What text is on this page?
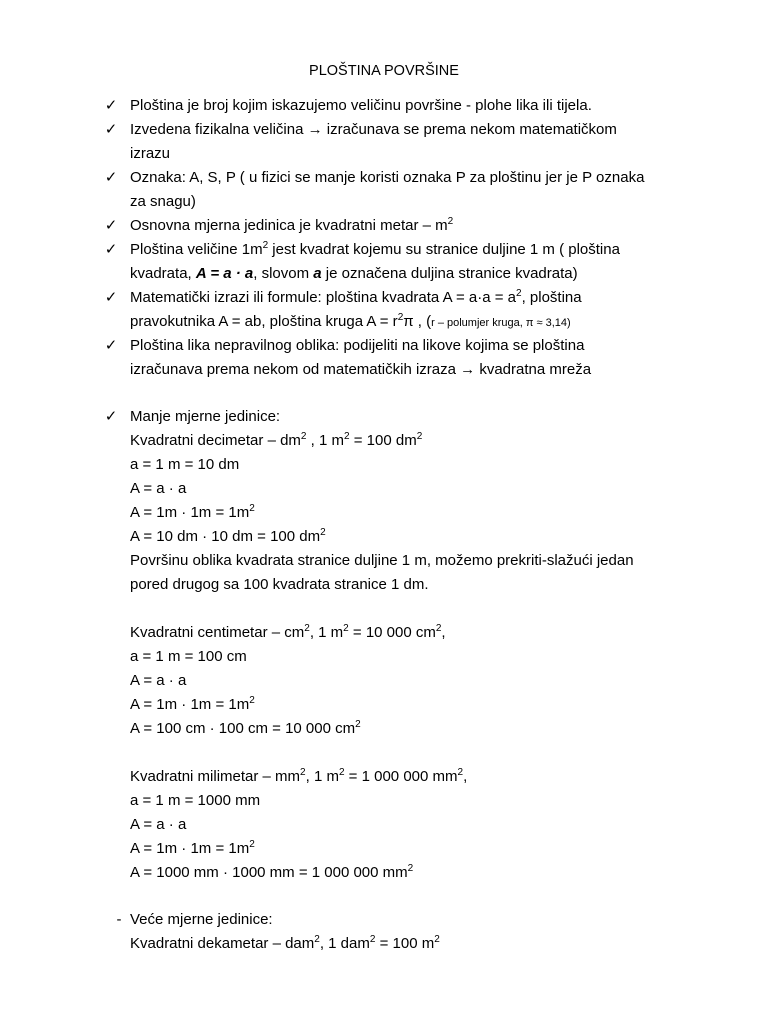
PLOŠTINA POVRŠINE
✓ Ploština je broj kojim iskazujemo veličinu površine - plohe lika ili tijela.
✓ Izvedena fizikalna veličina → izračunava se prema nekom matematičkom
izrazu
✓ Oznaka: A, S, P ( u fizici se manje koristi oznaka P za ploštinu jer je P oznaka
za snagu)
✓ Osnovna mjerna jedinica je kvadratni metar – $m^2$
✓ Ploština veličine $1m^2$ jest kvadrat kojemu su stranice duljine 1 m ( ploština
kvadrata, A = a · a, slovom a je označena duljina stranice kvadrata)
✓ Matematički izrazi ili formule: ploština kvadrata $A = a\cdot a = a^2$, ploština
pravokutnika A = ab, ploština kruga $A = r^2\pi$ , (r – polumjer kruga, π ≈ 3,14)
✓ Ploština lika nepravilnog oblika: podijeliti na likove kojima se ploština
izračunava prema nekom od matematičkih izraza → kvadratna mreža
✓ Manje mjerne jedinice:
Kvadratni decimetar – $dm^2$ , 1 $m^2 = 100$ $dm^2$
a = 1 m = 10 dm
A = a · a
$A = 1m \cdot 1m = 1m^2$
A = 10 dm · 10 dm = 100 $dm^2$
Površinu oblika kvadrata stranice duljine 1 m, možemo prekriti-slažući jedan
pored drugog sa 100 kvadrata stranice 1 dm.
Kvadratni centimetar – $cm^2$, 1 $m^2 = 10$ 000 $cm^2$,
a = 1 m = 100 cm
A = a · a
$A = 1m \cdot 1m = 1m^2$
A = 100 cm · 100 cm = 10 000 $cm^2$
Kvadratni milimetar – $mm^2$, 1 $m^2 = 1$ 000 000 $mm^2$,
a = 1 m = 1000 mm
A = a · a
$A = 1m \cdot 1m = 1m^2$
A = 1000 mm · 1000 mm = 1 000 000 $mm^2$
- Veće mjerne jedinice:
Kvadratni dekametar – dam$^2$, 1 dam$^2$ = 100 $m^2$
